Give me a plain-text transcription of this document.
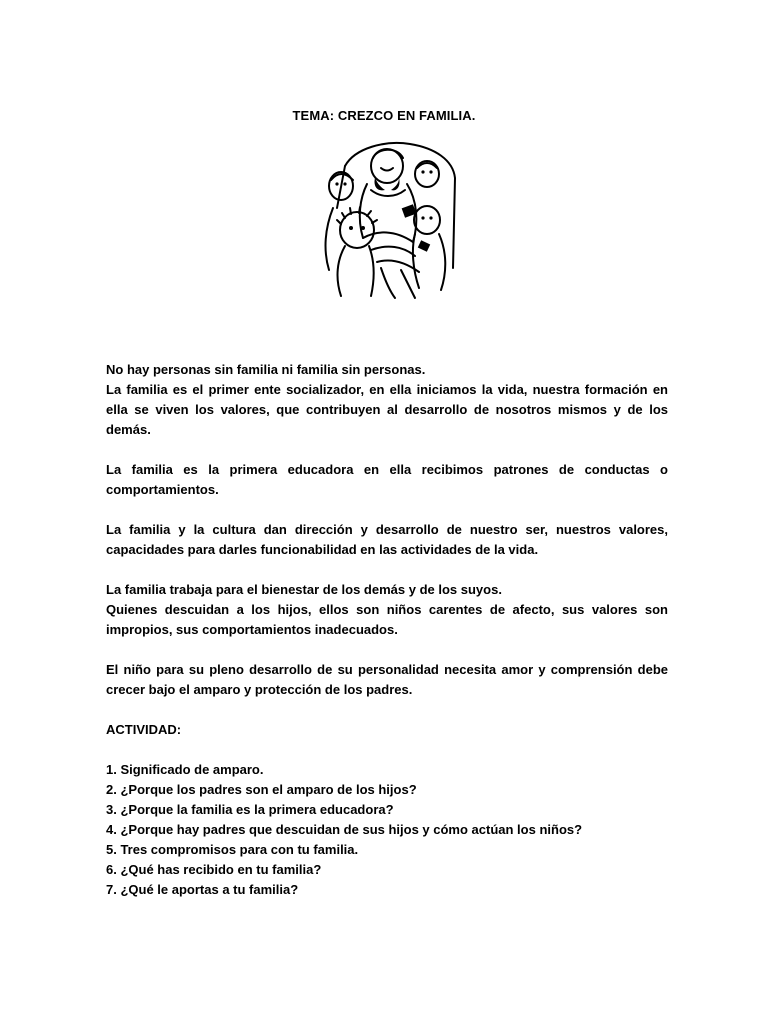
TEMA: CREZCO EN FAMILIA.

No hay personas sin familia ni familia sin personas.
La familia es el primer ente socializador, en ella iniciamos la vida, nuestra formación en ella se viven los valores, que contribuyen al desarrollo de nosotros mismos y de los demás.

La familia es la primera educadora en ella recibimos patrones de conductas o comportamientos.

La familia y la cultura dan dirección y desarrollo de nuestro ser, nuestros valores, capacidades para darles funcionabilidad en las actividades de la vida.

La familia trabaja para el bienestar de los demás y de los suyos.
Quienes descuidan a los hijos, ellos son niños carentes de afecto, sus valores son impropios, sus comportamientos inadecuados.

El niño para su pleno desarrollo de su personalidad necesita amor y comprensión debe crecer bajo el amparo y protección de los padres.

ACTIVIDAD:
1. Significado de amparo.
2. ¿Porque los padres son el amparo de los hijos?
3. ¿Porque la familia es la primera educadora?
4. ¿Porque hay padres que descuidan de sus hijos y cómo actúan los niños?
5. Tres compromisos para con tu familia.
6. ¿Qué has recibido en tu familia?
7. ¿Qué le aportas a tu familia?
